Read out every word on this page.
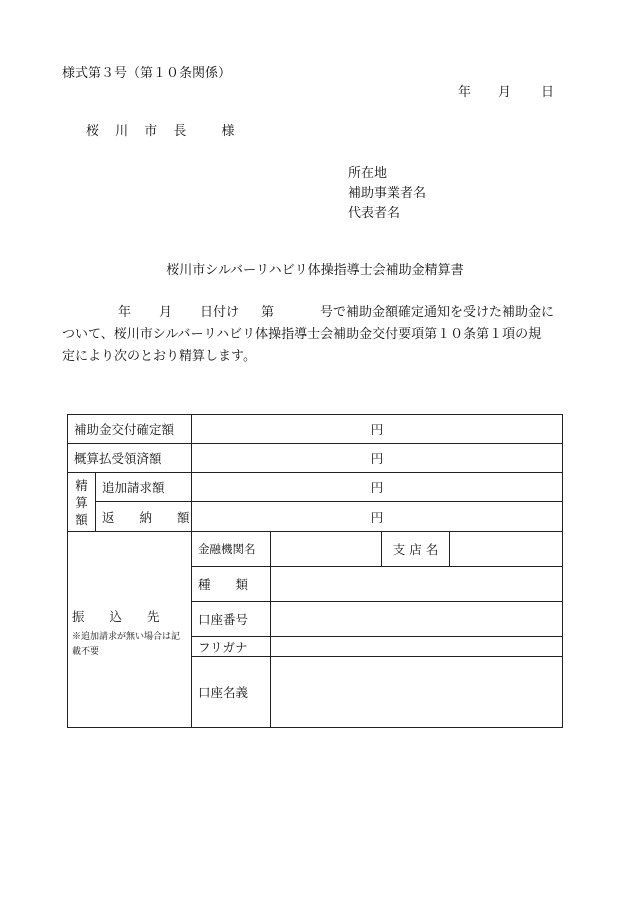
様式第３号（第１０条関係）
年 月 日
桜 川 市 長 　様
所在地
補助事業者名
代表者名
桜川市シルバーリハビリ体操指導士会補助金精算書
年 月 日付け 第	号で補助金額確定通知を受けた補助金に
ついて、桜川市シルバーリハビリ体操指導士会補助金交付要項第１０条第１項の規
定により次のとおり精算します。
補助金交付確定額		円			
概算払受領済額		円			
精算額	追加請求額	円			
	返　　納　　額	円			

振　　込　　先
※追加請求が無い場合は記載不要		金融機関名		支 店 名	
		種　　類			
		口座番号			
		フリガナ			
		口座名義			
